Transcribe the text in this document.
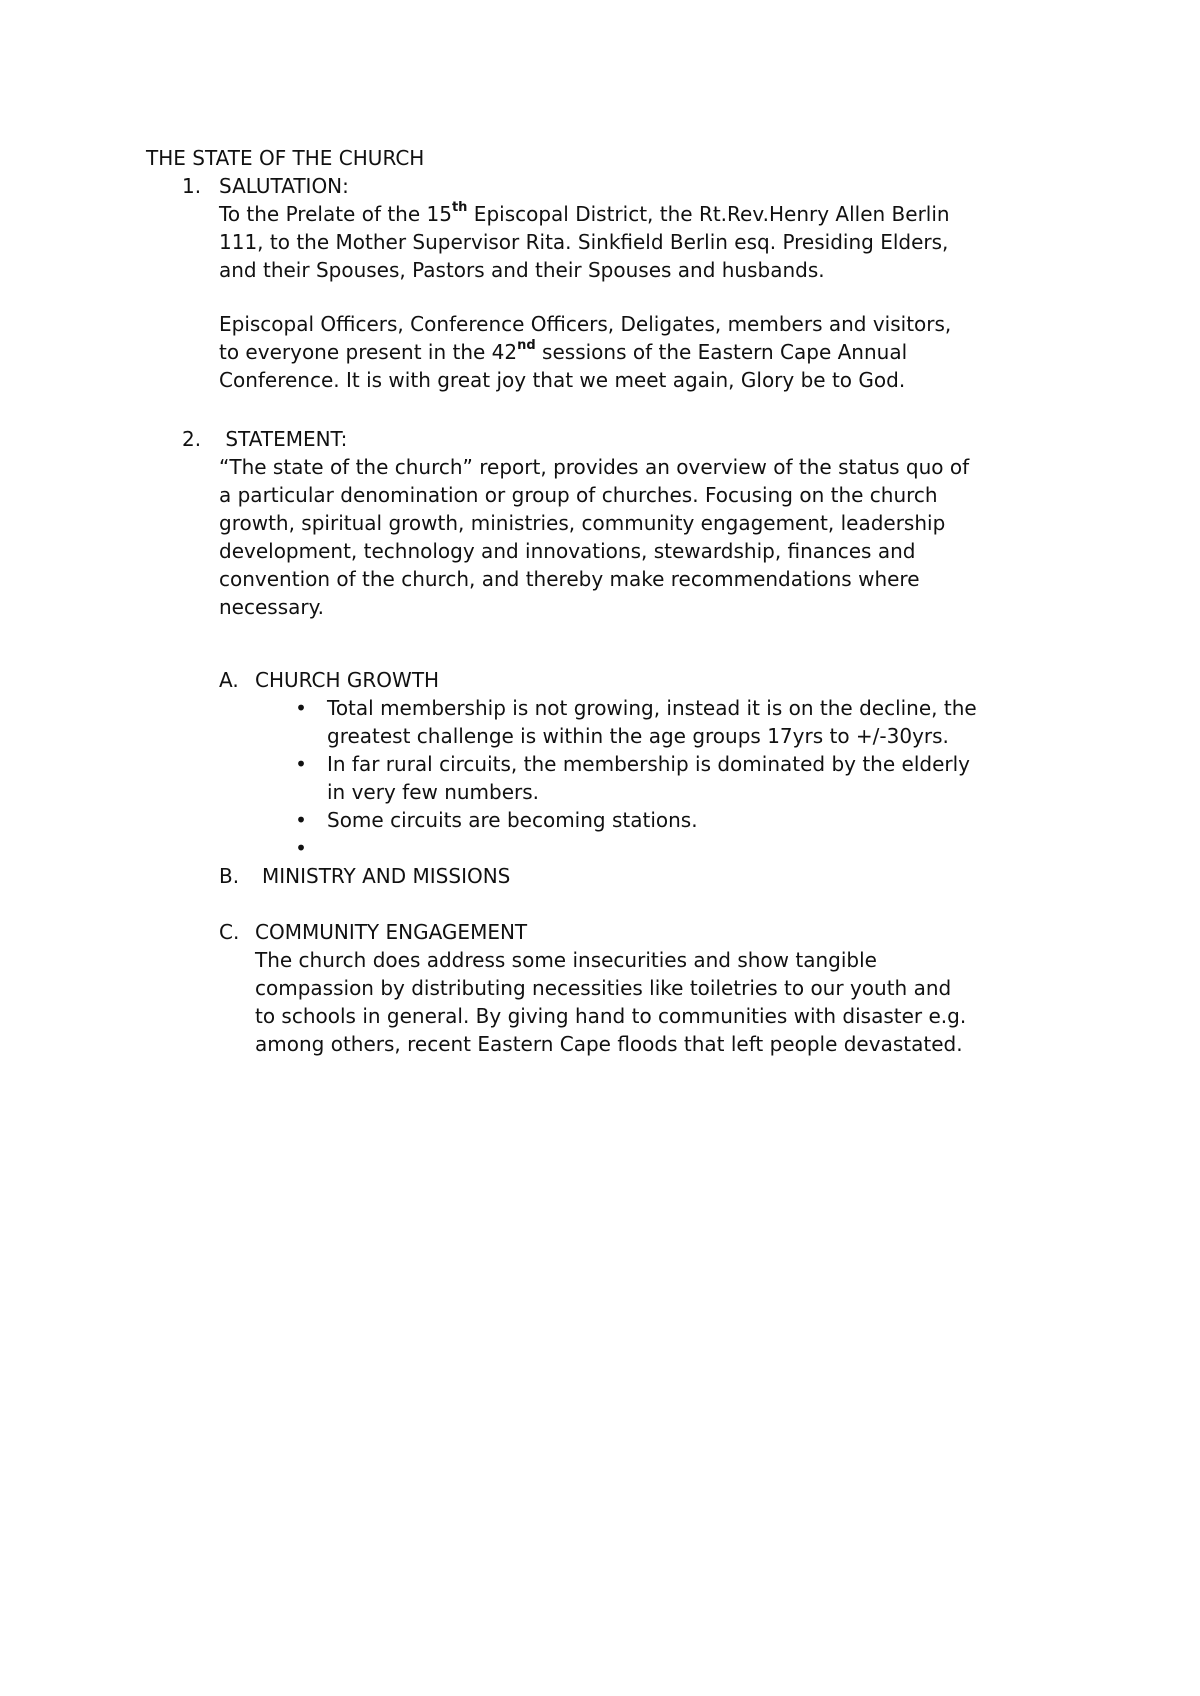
THE STATE OF THE CHURCH
1. SALUTATION:
To the Prelate of the 15th Episcopal District, the Rt.Rev.Henry Allen Berlin
111, to the Mother Supervisor Rita. Sinkfield Berlin esq. Presiding Elders,
and their Spouses, Pastors and their Spouses and husbands.
Episcopal Officers, Conference Officers, Deligates, members and visitors,
to everyone present in the 42nd sessions of the Eastern Cape Annual
Conference. It is with great joy that we meet again, Glory be to God.
2. STATEMENT:
“The state of the church” report, provides an overview of the status quo of
a particular denomination or group of churches. Focusing on the church
growth, spiritual growth, ministries, community engagement, leadership
development, technology and innovations, stewardship, finances and
convention of the church, and thereby make recommendations where
necessary.
A. CHURCH GROWTH
• Total membership is not growing, instead it is on the decline, the
greatest challenge is within the age groups 17yrs to +/-30yrs.
• In far rural circuits, the membership is dominated by the elderly
in very few numbers.
• Some circuits are becoming stations.
•
B. MINISTRY AND MISSIONS
C. COMMUNITY ENGAGEMENT
The church does address some insecurities and show tangible
compassion by distributing necessities like toiletries to our youth and
to schools in general. By giving hand to communities with disaster e.g.
among others, recent Eastern Cape floods that left people devastated.
